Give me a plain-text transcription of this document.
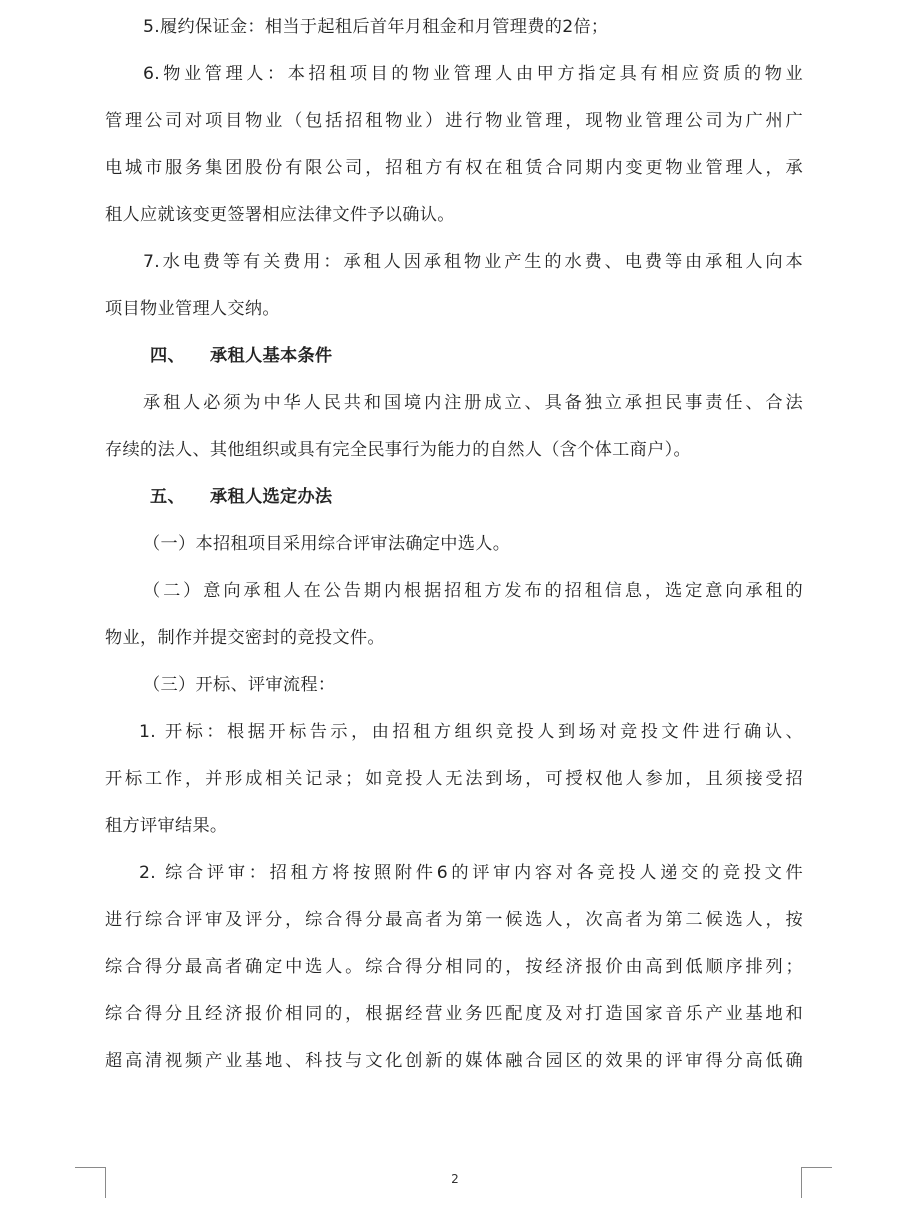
5.履约保证金：相当于起租后首年月租金和月管理费的2倍；
6.物业管理人：本招租项目的物业管理人由甲方指定具有相应资质的物业
管理公司对项目物业（包括招租物业）进行物业管理，现物业管理公司为广州广
电城市服务集团股份有限公司，招租方有权在租赁合同期内变更物业管理人，承
租人应就该变更签署相应法律文件予以确认。
7.水电费等有关费用：承租人因承租物业产生的水费、电费等由承租人向本
项目物业管理人交纳。
四、 承租人基本条件
承租人必须为中华人民共和国境内注册成立、具备独立承担民事责任、合法
存续的法人、其他组织或具有完全民事行为能力的自然人（含个体工商户）。
五、 承租人选定办法
（一）本招租项目采用综合评审法确定中选人。
（二）意向承租人在公告期内根据招租方发布的招租信息，选定意向承租的
物业，制作并提交密封的竞投文件。
（三）开标、评审流程：
1. 开标：根据开标告示，由招租方组织竞投人到场对竞投文件进行确认、
开标工作，并形成相关记录；如竞投人无法到场，可授权他人参加，且须接受招
租方评审结果。
2. 综合评审：招租方将按照附件6的评审内容对各竞投人递交的竞投文件
进行综合评审及评分，综合得分最高者为第一候选人，次高者为第二候选人，按
综合得分最高者确定中选人。综合得分相同的，按经济报价由高到低顺序排列；
综合得分且经济报价相同的，根据经营业务匹配度及对打造国家音乐产业基地和
超高清视频产业基地、科技与文化创新的媒体融合园区的效果的评审得分高低确
2
